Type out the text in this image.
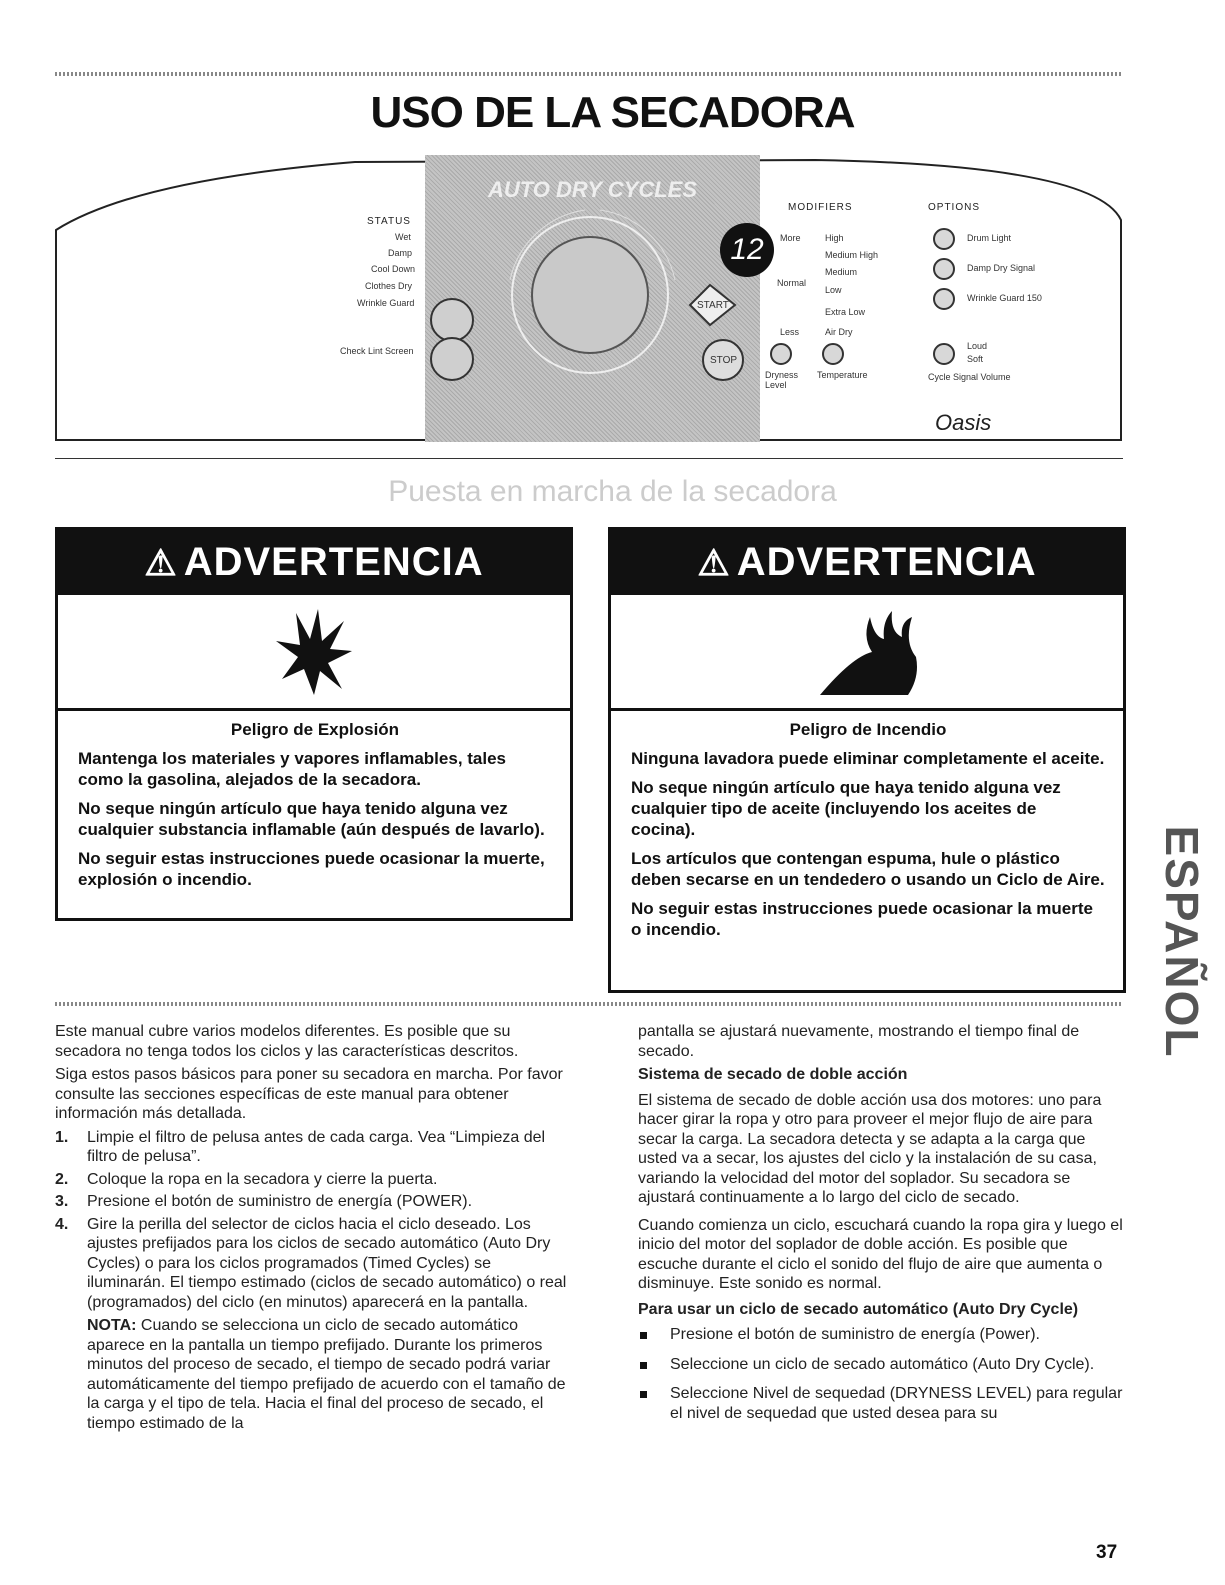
USO DE LA SECADORA
STATUS
Wet
Damp
Cool Down
Clothes Dry
Wrinkle Guard
Check Lint Screen
AUTO DRY CYCLES
12
START
STOP
Oasis
MODIFIERS
More
Normal
Less
High
Medium High
Medium
Low
Extra Low
Air Dry
Dryness Level
Temperature
OPTIONS
Drum Light
Damp Dry Signal
Wrinkle Guard 150
Loud
Soft
Cycle Signal Volume
Puesta en marcha de la secadora
⚠ ADVERTENCIA
Peligro de Explosión

Mantenga los materiales y vapores inflamables, tales como la gasolina, alejados de la secadora.

No seque ningún artículo que haya tenido alguna vez cualquier substancia inflamable (aún después de lavarlo).

No seguir estas instrucciones puede ocasionar la muerte, explosión o incendio.

⚠ ADVERTENCIA
Peligro de Incendio

Ninguna lavadora puede eliminar completamente el aceite.

No seque ningún artículo que haya tenido alguna vez cualquier tipo de aceite (incluyendo los aceites de cocina).

Los artículos que contengan espuma, hule o plástico deben secarse en un tendedero o usando un Ciclo de Aire.

No seguir estas instrucciones puede ocasionar la muerte o incendio.

Este manual cubre varios modelos diferentes. Es posible que su secadora no tenga todos los ciclos y las características descritos.

Siga estos pasos básicos para poner su secadora en marcha. Por favor consulte las secciones específicas de este manual para obtener información más detallada.

1. Limpie el filtro de pelusa antes de cada carga. Vea “Limpieza del filtro de pelusa”.
2. Coloque la ropa en la secadora y cierre la puerta.
3. Presione el botón de suministro de energía (POWER).
4. Gire la perilla del selector de ciclos hacia el ciclo deseado. Los ajustes prefijados para los ciclos de secado automático (Auto Dry Cycles) o para los ciclos programados (Timed Cycles) se iluminarán. El tiempo estimado (ciclos de secado automático) o real (programados) del ciclo (en minutos) aparecerá en la pantalla.

NOTA: Cuando se selecciona un ciclo de secado automático aparece en la pantalla un tiempo prefijado. Durante los primeros minutos del proceso de secado, el tiempo de secado podrá variar automáticamente del tiempo prefijado de acuerdo con el tamaño de la carga y el tipo de tela. Hacia el final del proceso de secado, el tiempo estimado de la

pantalla se ajustará nuevamente, mostrando el tiempo final de secado.

Sistema de secado de doble acción

El sistema de secado de doble acción usa dos motores: uno para hacer girar la ropa y otro para proveer el mejor flujo de aire para secar la carga. La secadora detecta y se adapta a la carga que usted va a secar, los ajustes del ciclo y la instalación de su casa, variando la velocidad del motor del soplador. Su secadora se ajustará continuamente a lo largo del ciclo de secado.

Cuando comienza un ciclo, escuchará cuando la ropa gira y luego el inicio del motor del soplador de doble acción. Es posible que escuche durante el ciclo el sonido del flujo de aire que aumenta o disminuye. Este sonido es normal.

Para usar un ciclo de secado automático (Auto Dry Cycle)
Presione el botón de suministro de energía (Power).
Seleccione un ciclo de secado automático (Auto Dry Cycle).
Seleccione Nivel de sequedad (DRYNESS LEVEL) para regular el nivel de sequedad que usted desea para su
ESPAÑOL
37
